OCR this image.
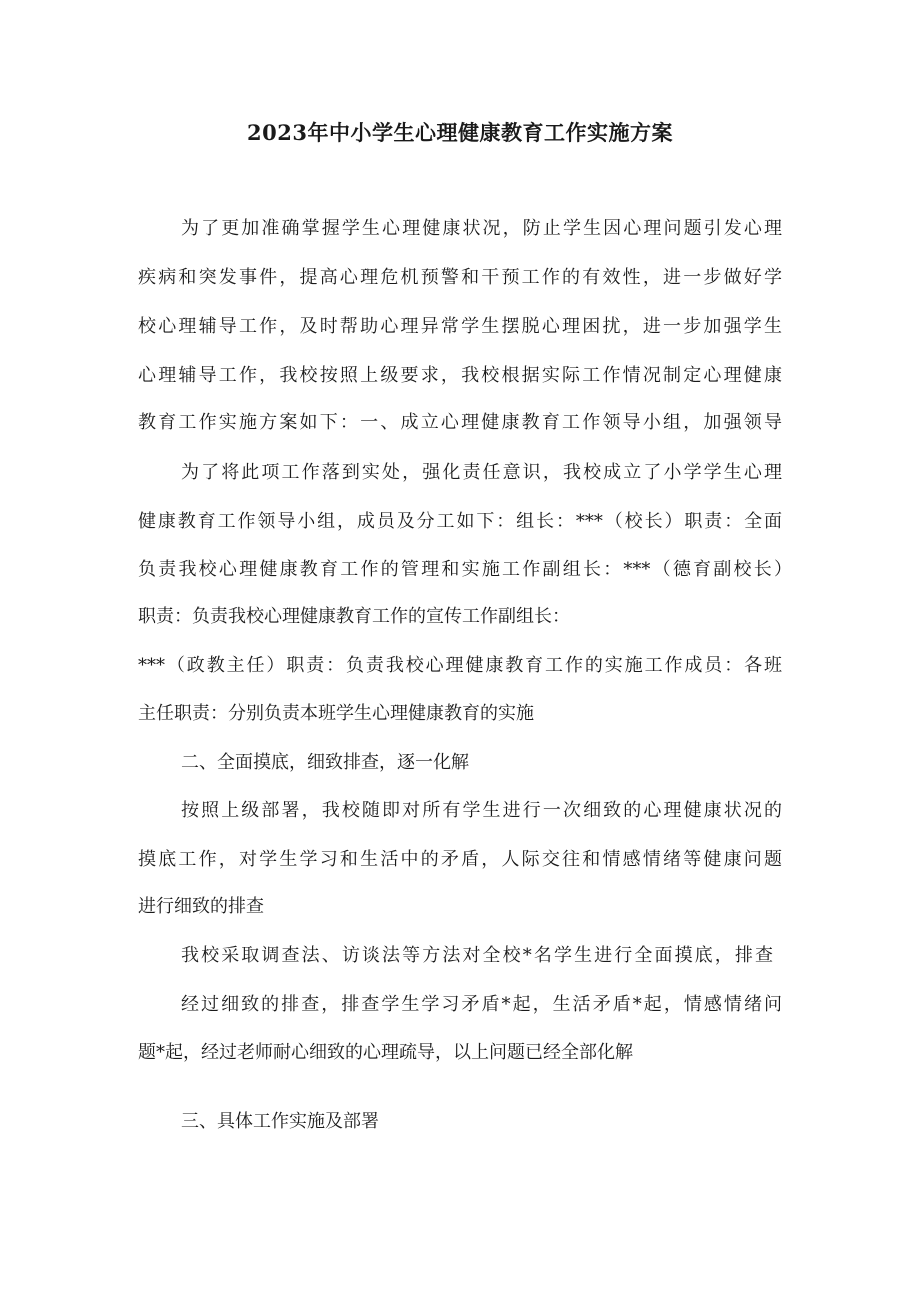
2023年中小学生心理健康教育工作实施方案
为了更加准确掌握学生心理健康状况，防止学生因心理问题引发心理
疾病和突发事件，提高心理危机预警和干预工作的有效性，进一步做好学
校心理辅导工作，及时帮助心理异常学生摆脱心理困扰，进一步加强学生
心理辅导工作，我校按照上级要求，我校根据实际工作情况制定心理健康
教育工作实施方案如下：一、成立心理健康教育工作领导小组，加强领导
为了将此项工作落到实处，强化责任意识，我校成立了小学学生心理
健康教育工作领导小组，成员及分工如下：组长：***（校长）职责：全面
负责我校心理健康教育工作的管理和实施工作副组长：***（德育副校长）
职责：负责我校心理健康教育工作的宣传工作副组长：
***（政教主任）职责：负责我校心理健康教育工作的实施工作成员：各班
主任职责：分别负责本班学生心理健康教育的实施
二、全面摸底，细致排查，逐一化解
按照上级部署，我校随即对所有学生进行一次细致的心理健康状况的
摸底工作，对学生学习和生活中的矛盾，人际交往和情感情绪等健康问题
进行细致的排查
我校采取调查法、访谈法等方法对全校*名学生进行全面摸底，排查
经过细致的排查，排查学生学习矛盾*起，生活矛盾*起，情感情绪问
题*起，经过老师耐心细致的心理疏导，以上问题已经全部化解
三、具体工作实施及部署
